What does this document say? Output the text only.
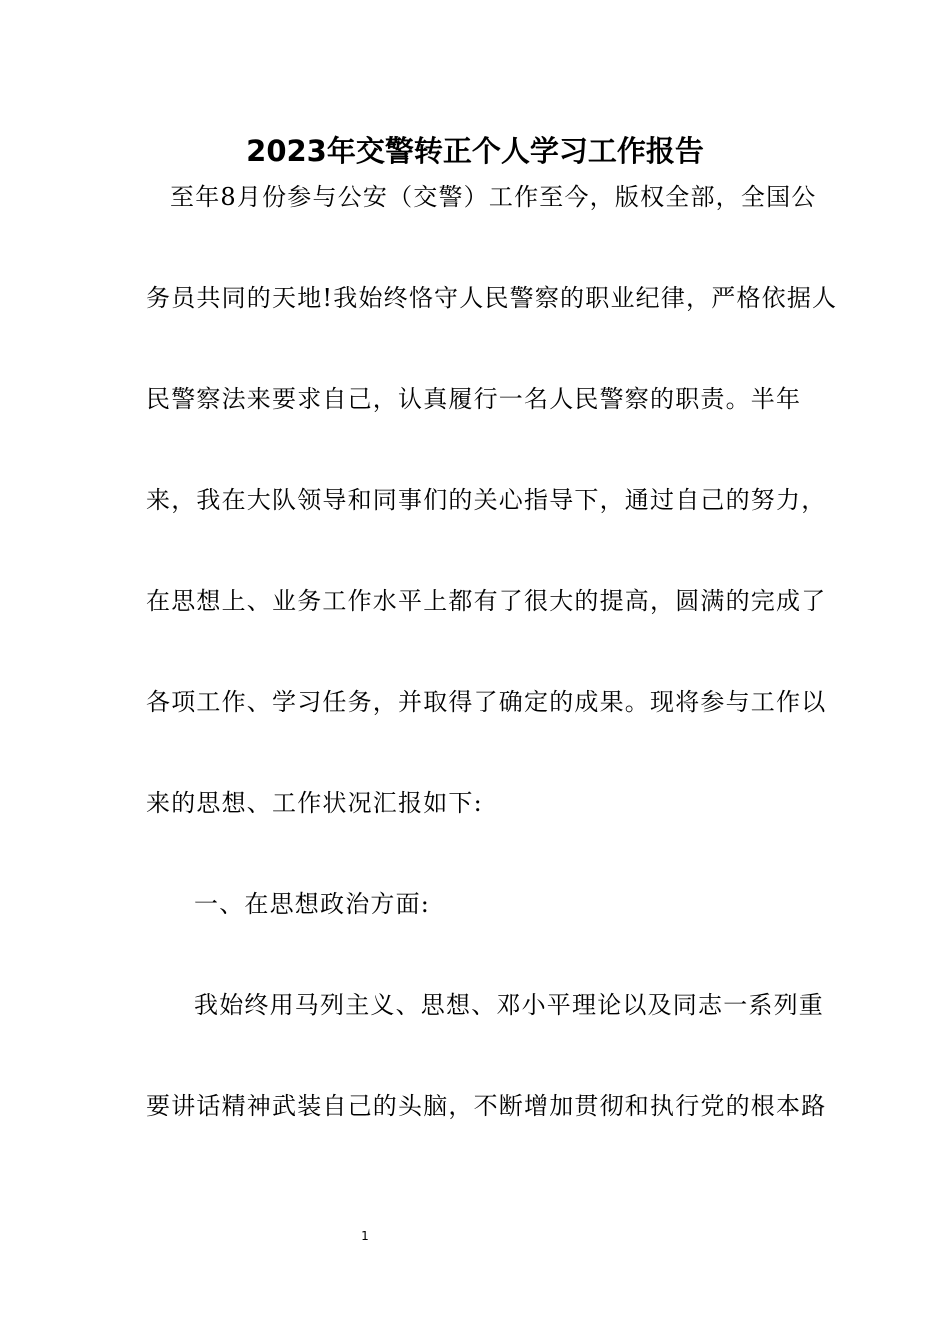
2023年交警转正个人学习工作报告
至年8月份参与公安（交警）工作至今，版权全部，全国公
务员共同的天地!我始终恪守人民警察的职业纪律，严格依据人
民警察法来要求自己，认真履行一名人民警察的职责。半年
来，我在大队领导和同事们的关心指导下，通过自己的努力，
在思想上、业务工作水平上都有了很大的提高，圆满的完成了
各项工作、学习任务，并取得了确定的成果。现将参与工作以
来的思想、工作状况汇报如下:
一、在思想政治方面:
我始终用马列主义、思想、邓小平理论以及同志一系列重
要讲话精神武装自己的头脑，不断增加贯彻和执行党的根本路
1
